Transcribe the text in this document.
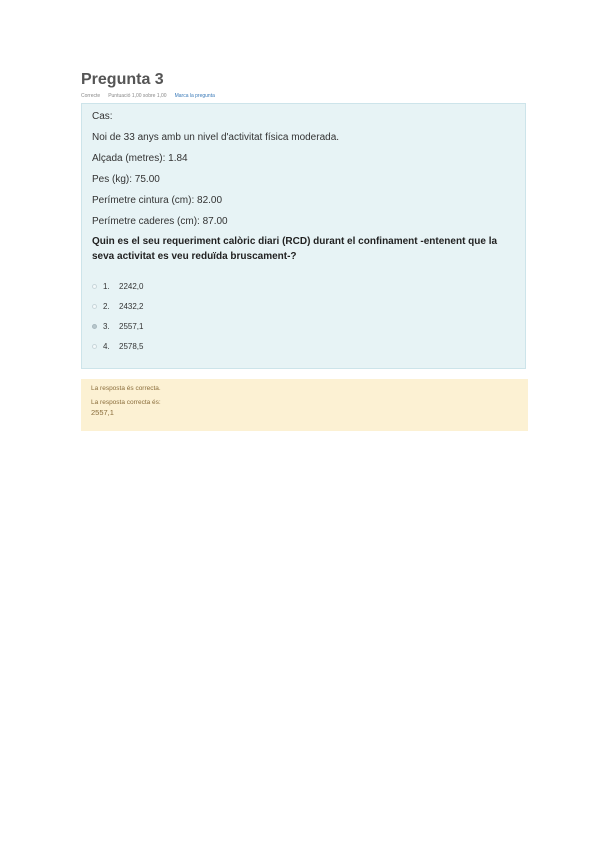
Pregunta 3
Correcte Puntuació 1,00 sobre 1,00 Marca la pregunta

Cas:

Noi de 33 anys amb un nivel d'activitat física moderada.

Alçada (metres): 1.84

Pes (kg): 75.00

Perímetre cintura (cm): 82.00

Perímetre caderes (cm): 87.00

Quin es el seu requeriment calòric diari (RCD) durant el confinament -entenent que la seva activitat es veu reduïda bruscament-?

1.	2242,0
2.	2432,2
3.	2557,1
4.	2578,5

La resposta és correcta.

La resposta correcta és:

2557,1
